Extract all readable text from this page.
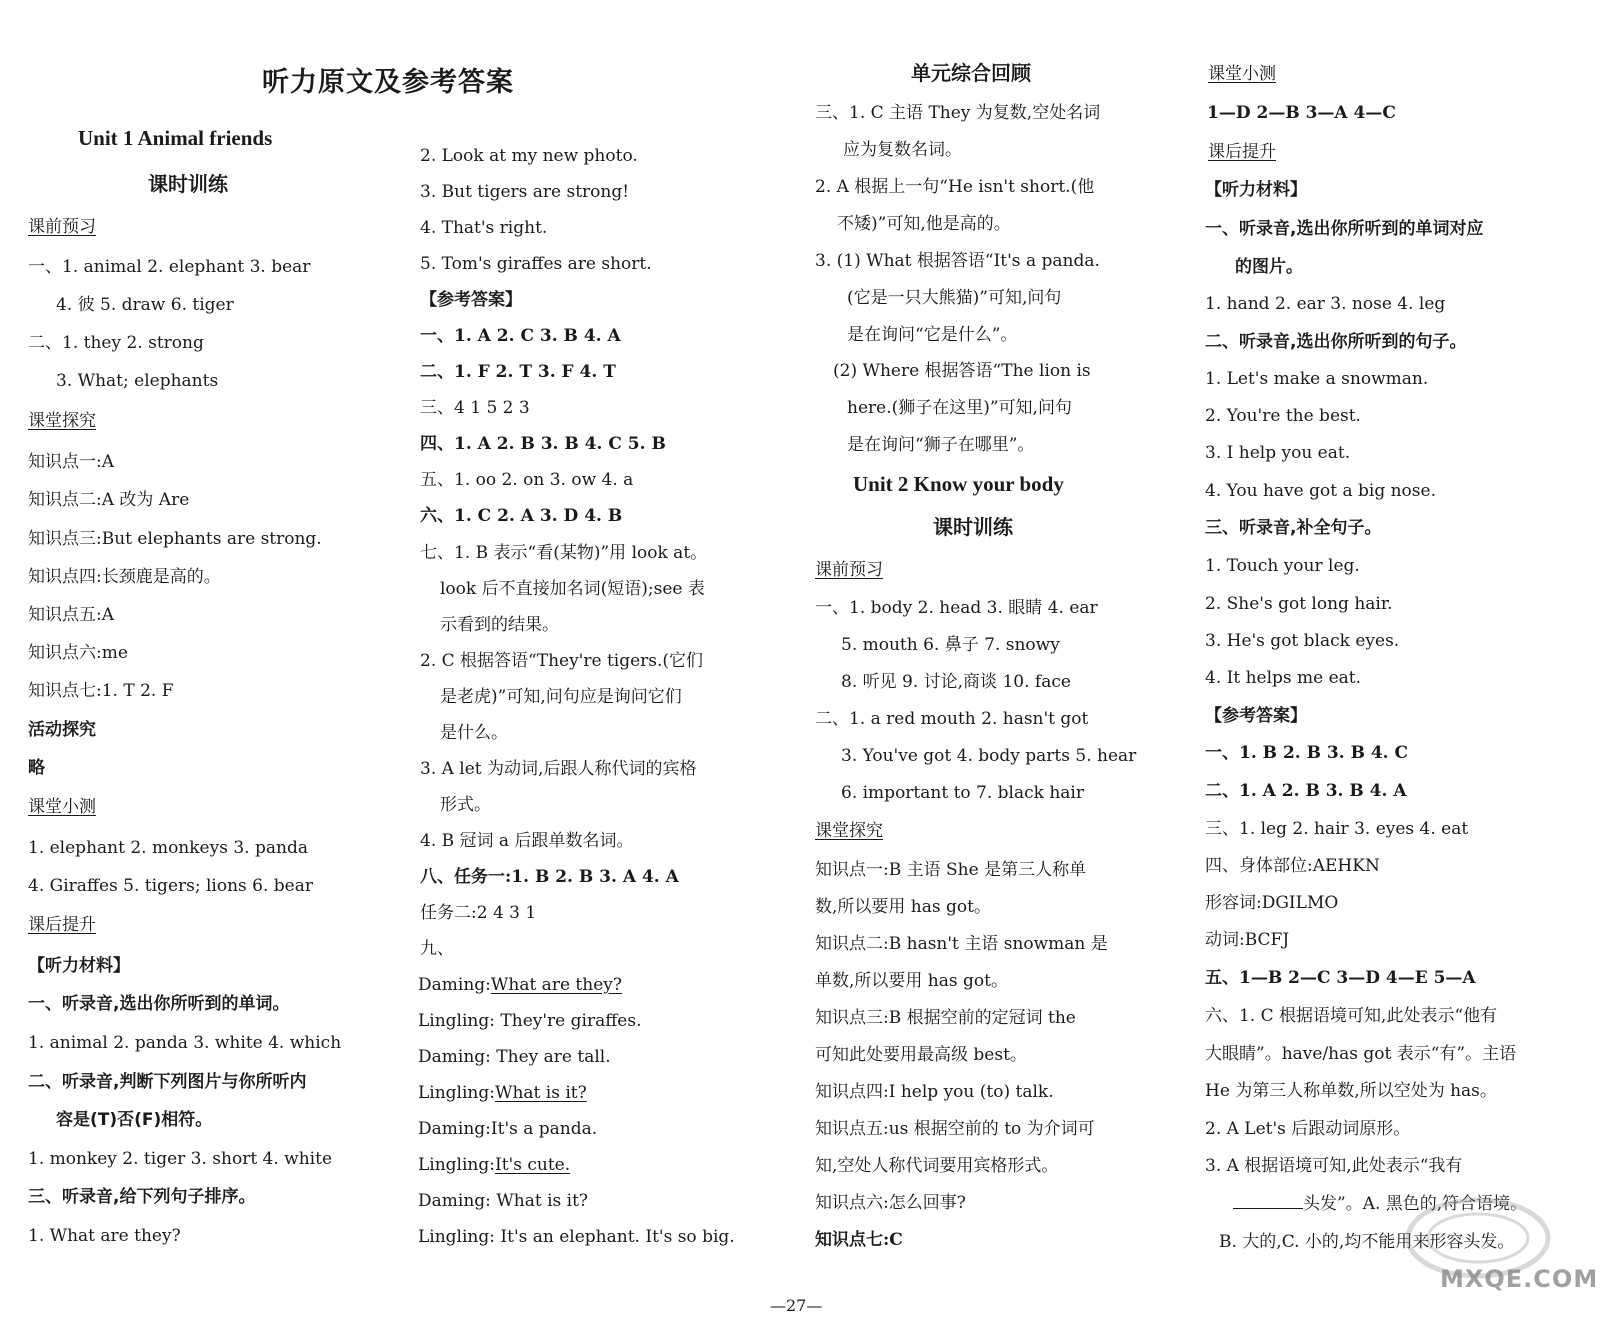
听力原文及参考答案
Unit 1 Animal friends
课时训练
课前预习
一、1. animal 2. elephant 3. bear
4. 彼 5. draw 6. tiger
二、1. they 2. strong
3. What; elephants
课堂探究
知识点一:A
知识点二:A 改为 Are
知识点三:But elephants are strong.
知识点四:长颈鹿是高的。
知识点五:A
知识点六:me
知识点七:1. T 2. F
活动探究
略
课堂小测
1. elephant 2. monkeys 3. panda
4. Giraffes 5. tigers; lions 6. bear
课后提升
【听力材料】
一、听录音,选出你所听到的单词。
1. animal 2. panda 3. white 4. which
二、听录音,判断下列图片与你所听内
容是(T)否(F)相符。
1. monkey 2. tiger 3. short 4. white
三、听录音,给下列句子排序。
1. What are they?
2. Look at my new photo.
3. But tigers are strong!
4. That's right.
5. Tom's giraffes are short.
【参考答案】
一、1. A 2. C 3. B 4. A
二、1. F 2. T 3. F 4. T
三、4 1 5 2 3
四、1. A 2. B 3. B 4. C 5. B
五、1. oo 2. on 3. ow 4. a
六、1. C 2. A 3. D 4. B
七、1. B 表示“看(某物)”用 look at。
look 后不直接加名词(短语);see 表
示看到的结果。
2. C 根据答语“They're tigers.(它们
是老虎)”可知,问句应是询问它们
是什么。
3. A let 为动词,后跟人称代词的宾格
形式。
4. B 冠词 a 后跟单数名词。
八、任务一:1. B 2. B 3. A 4. A
任务二:2 4 3 1
九、
Daming:What are they?
Lingling: They're giraffes.
Daming: They are tall.
Lingling:What is it?
Daming:It's a panda.
Lingling:It's cute.
Daming: What is it?
Lingling: It's an elephant. It's so big.
单元综合回顾
三、1. C 主语 They 为复数,空处名词
应为复数名词。
2. A 根据上一句“He isn't short.(他
不矮)”可知,他是高的。
3. (1) What 根据答语“It's a panda.
(它是一只大熊猫)”可知,问句
是在询问“它是什么”。
(2) Where 根据答语“The lion is
here.(狮子在这里)”可知,问句
是在询问“狮子在哪里”。
Unit 2 Know your body
课时训练
课前预习
一、1. body 2. head 3. 眼睛 4. ear
5. mouth 6. 鼻子 7. snowy
8. 听见 9. 讨论,商谈 10. face
二、1. a red mouth 2. hasn't got
3. You've got 4. body parts 5. hear
6. important to 7. black hair
课堂探究
知识点一:B 主语 She 是第三人称单
数,所以要用 has got。
知识点二:B hasn't 主语 snowman 是
单数,所以要用 has got。
知识点三:B 根据空前的定冠词 the
可知此处要用最高级 best。
知识点四:I help you (to) talk.
知识点五:us 根据空前的 to 为介词可
知,空处人称代词要用宾格形式。
知识点六:怎么回事?
知识点七:C
课堂小测
1—D 2—B 3—A 4—C
课后提升
【听力材料】
一、听录音,选出你所听到的单词对应
的图片。
1. hand 2. ear 3. nose 4. leg
二、听录音,选出你所听到的句子。
1. Let's make a snowman.
2. You're the best.
3. I help you eat.
4. You have got a big nose.
三、听录音,补全句子。
1. Touch your leg.
2. She's got long hair.
3. He's got black eyes.
4. It helps me eat.
【参考答案】
一、1. B 2. B 3. B 4. C
二、1. A 2. B 3. B 4. A
三、1. leg 2. hair 3. eyes 4. eat
四、身体部位:AEHKN
形容词:DGILMO
动词:BCFJ
五、1—B 2—C 3—D 4—E 5—A
六、1. C 根据语境可知,此处表示“他有
大眼睛”。have/has got 表示“有”。主语
He 为第三人称单数,所以空处为 has。
2. A Let's 后跟动词原形。
3. A 根据语境可知,此处表示“我有
头发”。A. 黑色的,符合语境。
B. 大的,C. 小的,均不能用来形容头发。
—27—
MXQE.COM
